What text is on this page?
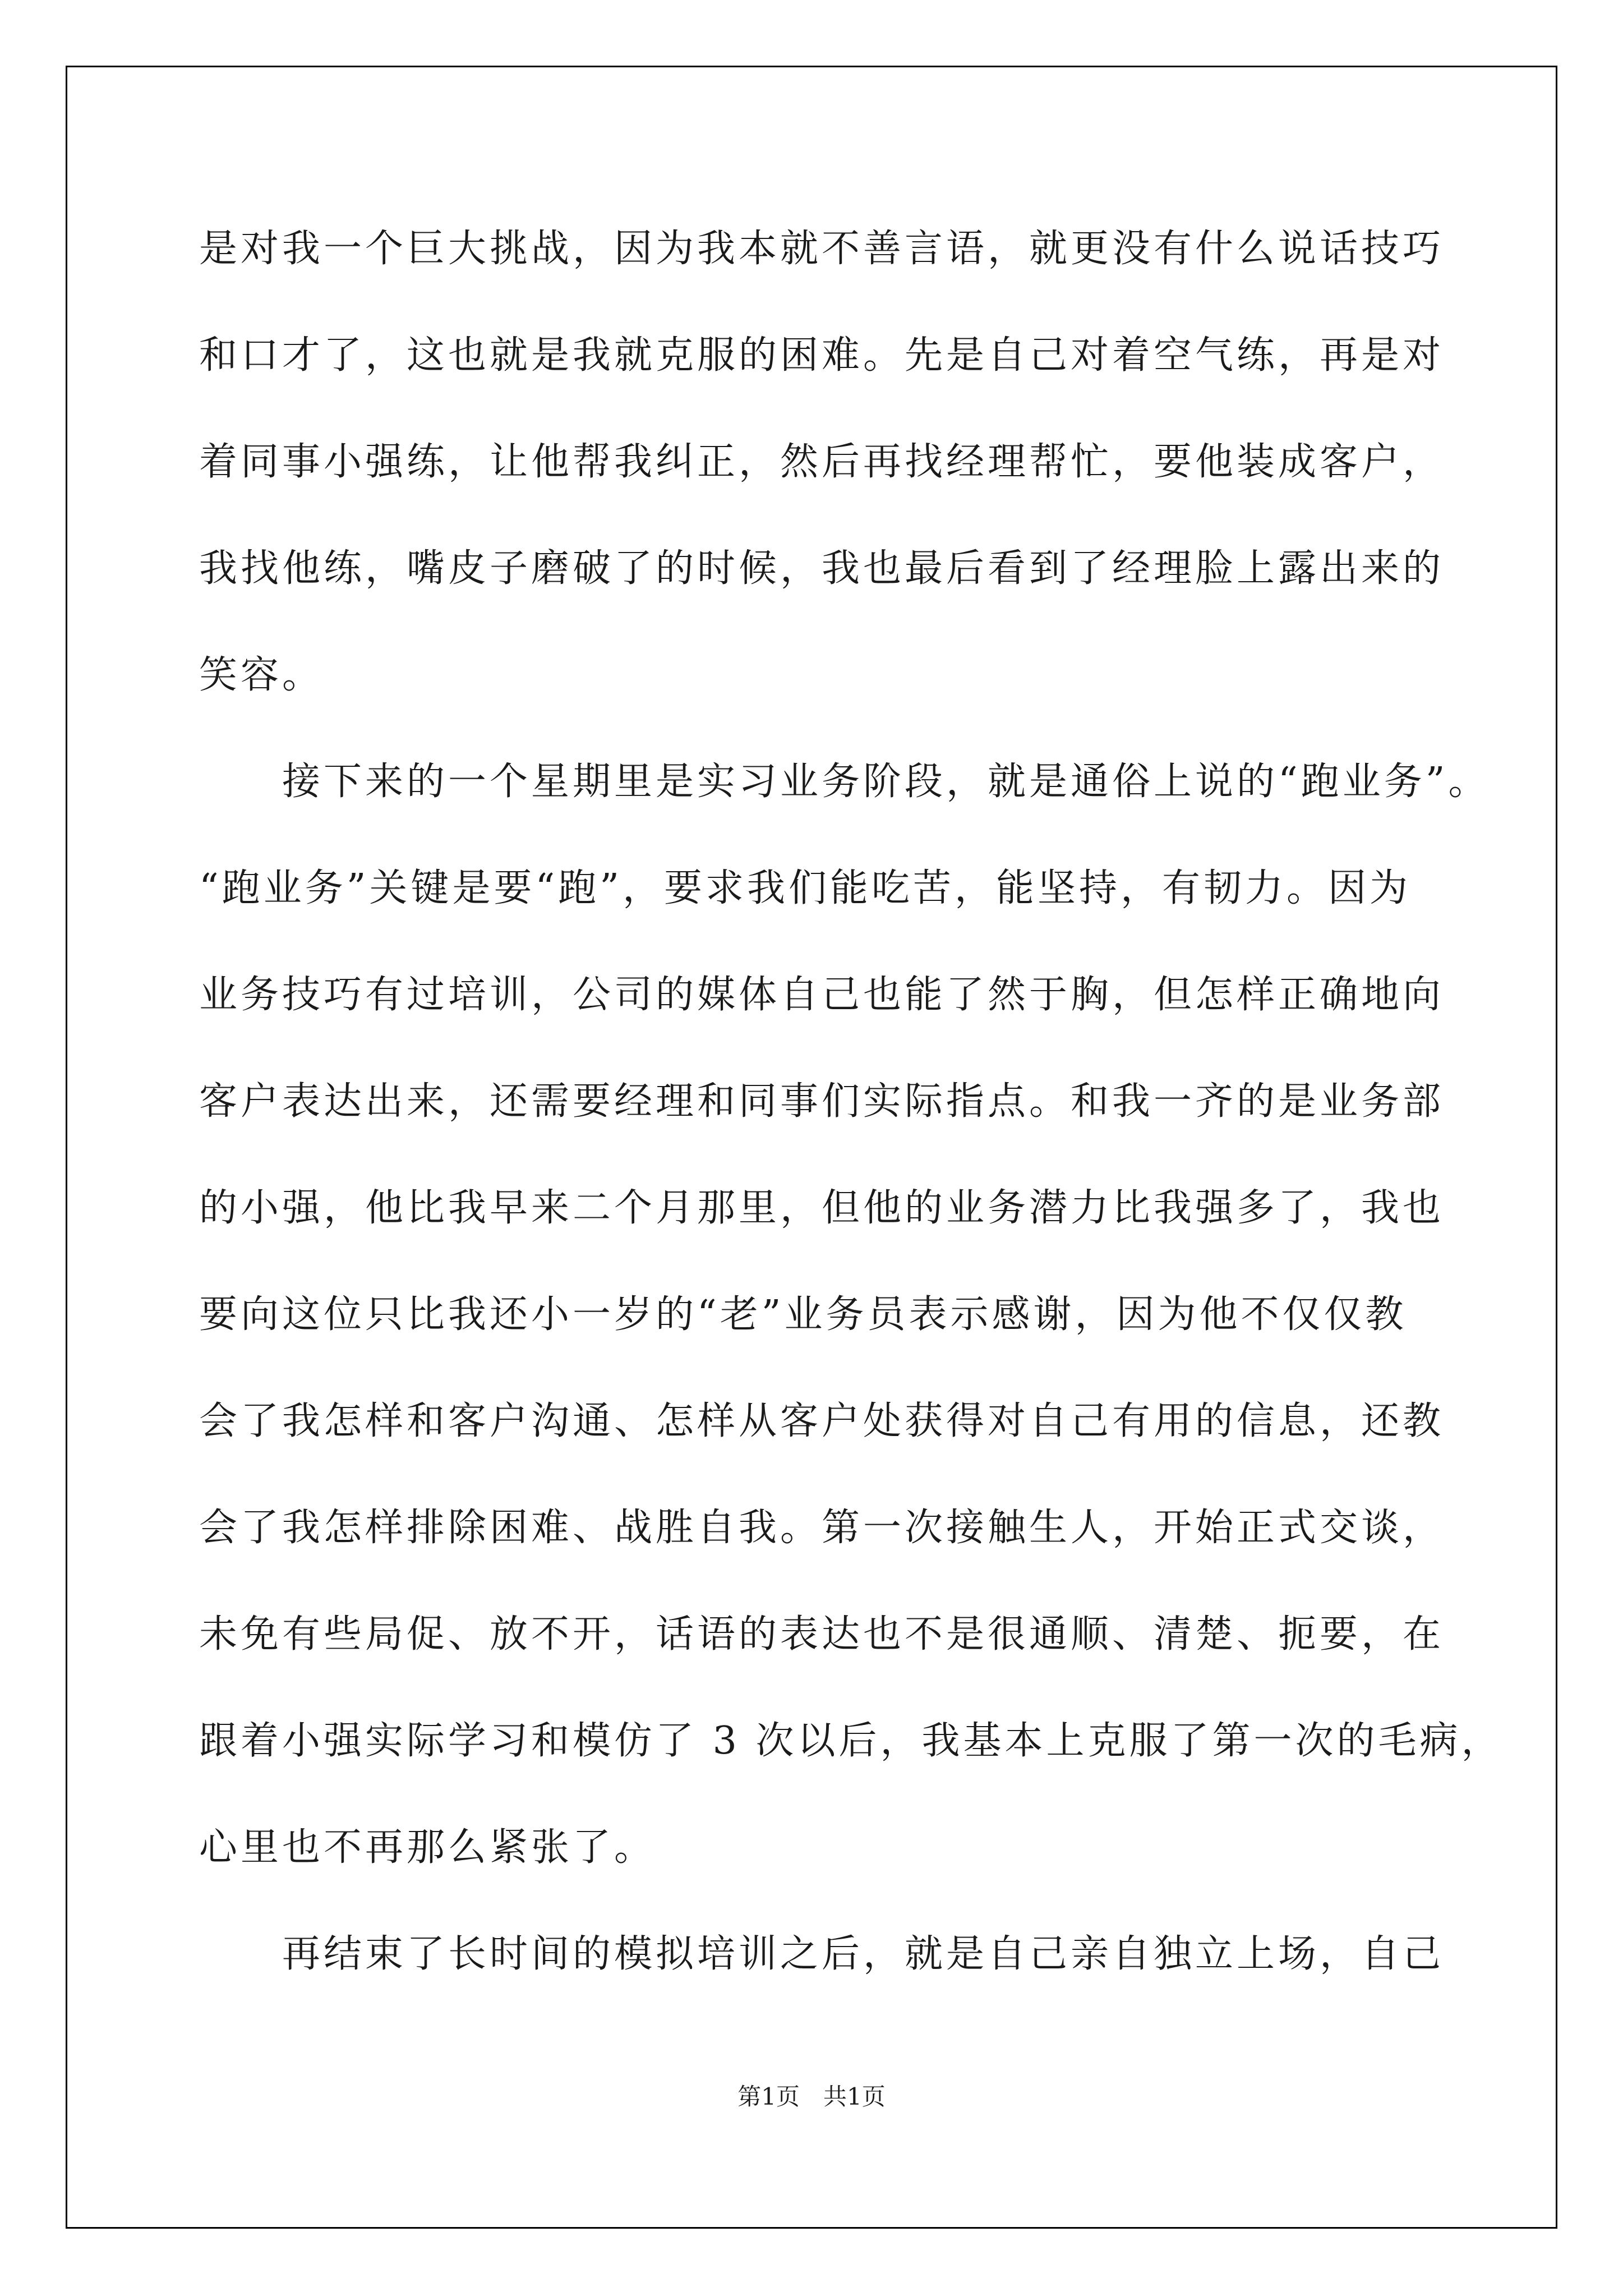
是对我一个巨大挑战，因为我本就不善言语，就更没有什么说话技巧
和口才了，这也就是我就克服的困难。先是自己对着空气练，再是对
着同事小强练，让他帮我纠正，然后再找经理帮忙，要他装成客户，
我找他练，嘴皮子磨破了的时候，我也最后看到了经理脸上露出来的
笑容。
接下来的一个星期里是实习业务阶段，就是通俗上说的“跑业务”。
“跑业务”关键是要“跑”，要求我们能吃苦，能坚持，有韧力。因为
业务技巧有过培训，公司的媒体自己也能了然于胸，但怎样正确地向
客户表达出来，还需要经理和同事们实际指点。和我一齐的是业务部
的小强，他比我早来二个月那里，但他的业务潜力比我强多了，我也
要向这位只比我还小一岁的“老”业务员表示感谢，因为他不仅仅教
会了我怎样和客户沟通、怎样从客户处获得对自己有用的信息，还教
会了我怎样排除困难、战胜自我。第一次接触生人，开始正式交谈，
未免有些局促、放不开，话语的表达也不是很通顺、清楚、扼要，在
跟着小强实际学习和模仿了 3 次以后，我基本上克服了第一次的毛病，
心里也不再那么紧张了。
再结束了长时间的模拟培训之后，就是自己亲自独立上场，自己
第1页　共1页
